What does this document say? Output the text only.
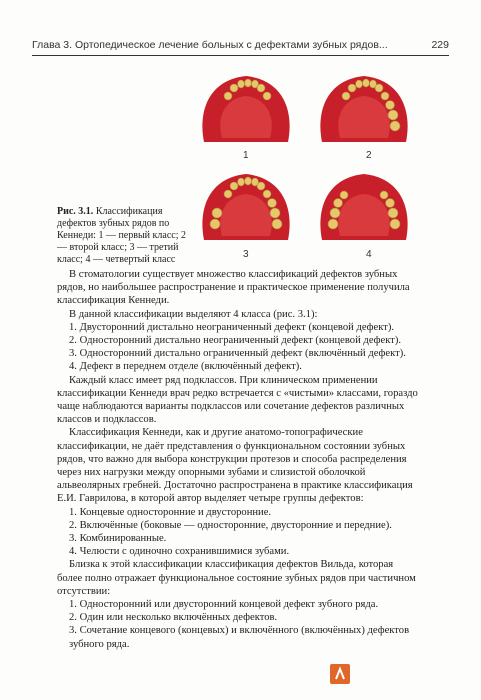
Глава 3. Ортопедическое лечение больных с дефектами зубных рядов...	229
1	2
3	4
Рис. 3.1. Классификация дефектов зубных рядов по Кеннеди: 1 — первый класс; 2 — второй класс; 3 — третий класс; 4 — четвертый класс

В стоматологии существует множество классификаций дефектов зубных рядов, но наибольшее распространение и практическое применение получила классификация Кеннеди.

В данной классификации выделяют 4 класса (рис. 3.1):

1. Двусторонний дистально неограниченный дефект (концевой дефект).

2. Односторонний дистально неограниченный дефект (концевой дефект).

3. Односторонний дистально ограниченный дефект (включённый дефект).

4. Дефект в переднем отделе (включённый дефект).

Каждый класс имеет ряд подклассов. При клиническом применении классификации Кеннеди врач редко встречается с «чистыми» классами, гораздо чаще наблюдаются варианты подклассов или сочетание дефектов различных классов и подклассов.

Классификация Кеннеди, как и другие анатомо-топографические классификации, не даёт представления о функциональном состоянии зубных рядов, что важно для выбора конструкции протезов и способа распределения через них нагрузки между опорными зубами и слизистой оболочкой альвеолярных гребней. Достаточно распространена в практике классификация Е.И. Гаврилова, в которой автор выделяет четыре группы дефектов:

1. Концевые односторонние и двусторонние.

2. Включённые (боковые — односторонние, двусторонние и передние).

3. Комбинированные.

4. Челюсти с одиночно сохранившимися зубами.

Близка к этой классификации классификация дефектов Вильда, которая более полно отражает функциональное состояние зубных рядов при частичном отсутствии:

1. Односторонний или двусторонний концевой дефект зубного ряда.

2. Один или несколько включённых дефектов.

3. Сочетание концевого (концевых) и включённого (включённых) дефектов зубного ряда.
